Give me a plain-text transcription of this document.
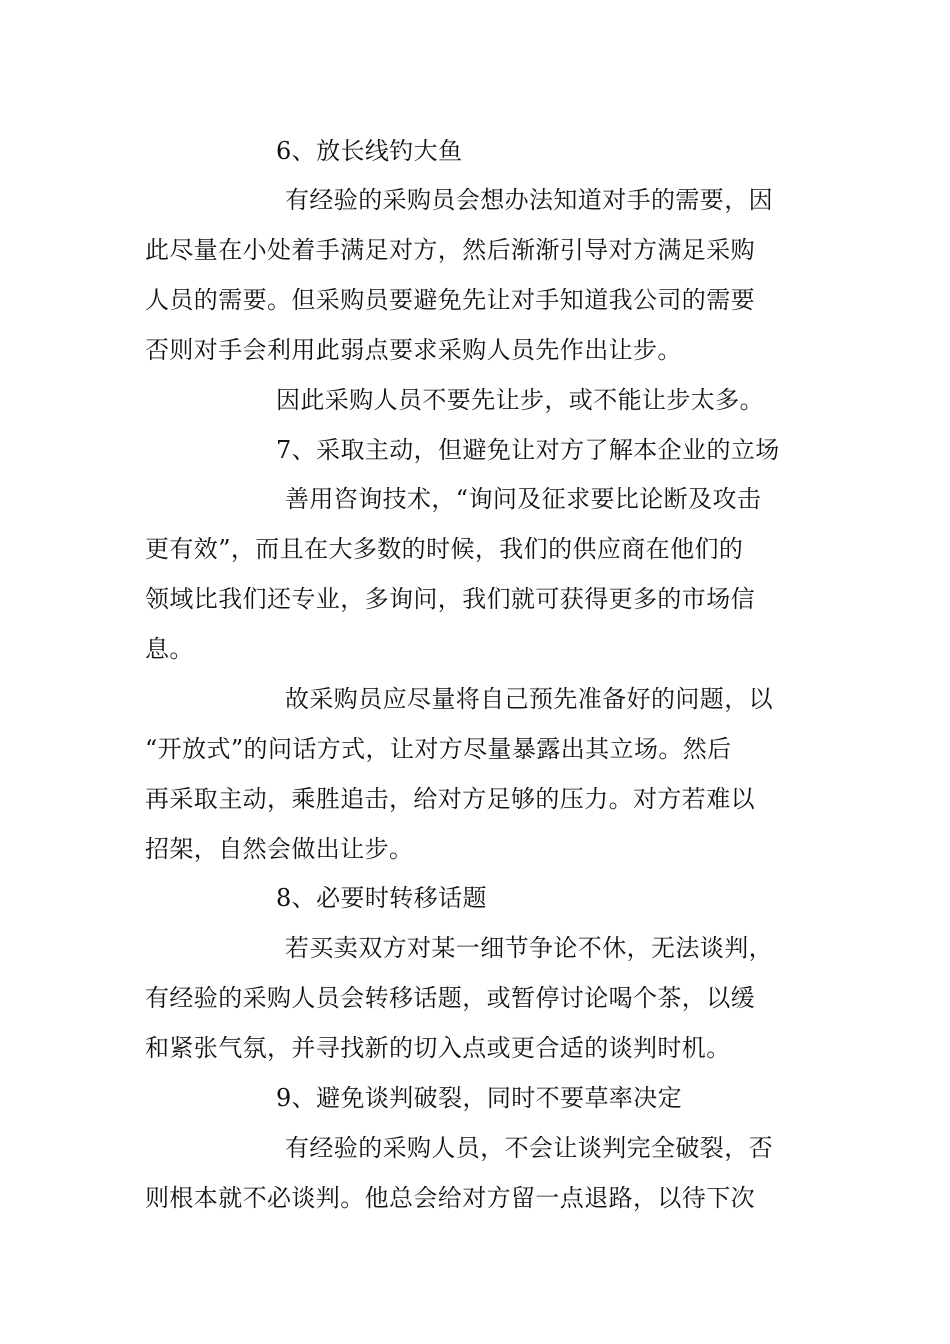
6、放长线钓大鱼
有经验的采购员会想办法知道对手的需要，因
此尽量在小处着手满足对方，然后渐渐引导对方满足采购
人员的需要。但采购员要避免先让对手知道我公司的需要
否则对手会利用此弱点要求采购人员先作出让步。
因此采购人员不要先让步，或不能让步太多。
7、采取主动，但避免让对方了解本企业的立场
善用咨询技术，“询问及征求要比论断及攻击
更有效”，而且在大多数的时候，我们的供应商在他们的
领域比我们还专业，多询问，我们就可获得更多的市场信
息。
故采购员应尽量将自己预先准备好的问题，以
“开放式”的问话方式，让对方尽量暴露出其立场。然后
再采取主动，乘胜追击，给对方足够的压力。对方若难以
招架，自然会做出让步。
8、必要时转移话题
若买卖双方对某一细节争论不休，无法谈判，
有经验的采购人员会转移话题，或暂停讨论喝个茶，以缓
和紧张气氛，并寻找新的切入点或更合适的谈判时机。
9、避免谈判破裂，同时不要草率决定
有经验的采购人员，不会让谈判完全破裂，否
则根本就不必谈判。他总会给对方留一点退路，以待下次
